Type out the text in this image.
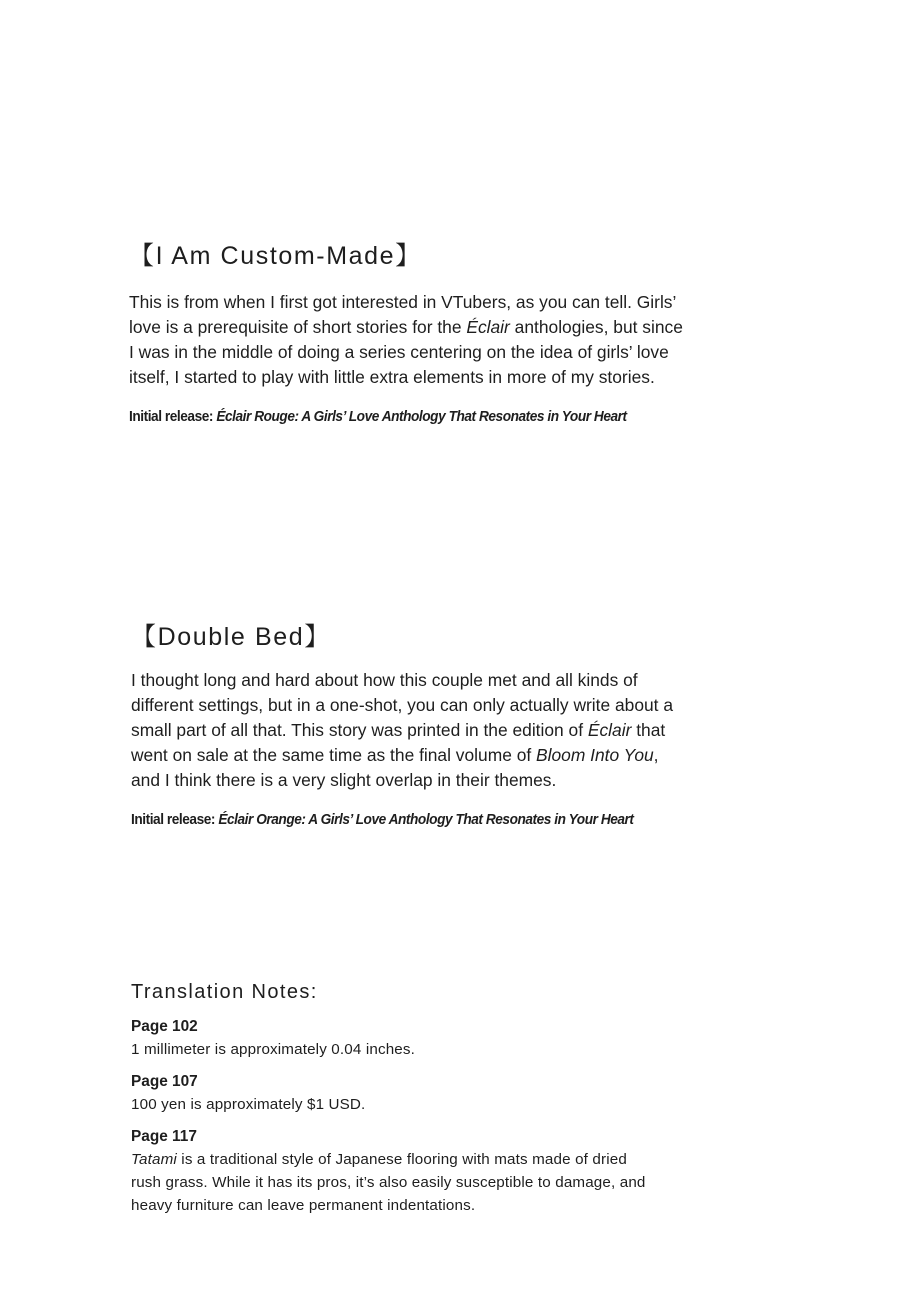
【I Am Custom-Made】

This is from when I first got interested in VTubers, as you can tell. Girls’ love is a prerequisite of short stories for the Éclair anthologies, but since I was in the middle of doing a series centering on the idea of girls’ love itself, I started to play with little extra elements in more of my stories.

Initial release: Éclair Rouge: A Girls’ Love Anthology That Resonates in Your Heart

【Double Bed】

I thought long and hard about how this couple met and all kinds of different settings, but in a one-shot, you can only actually write about a small part of all that. This story was printed in the edition of Éclair that went on sale at the same time as the final volume of Bloom Into You, and I think there is a very slight overlap in their themes.

Initial release: Éclair Orange: A Girls’ Love Anthology That Resonates in Your Heart

Translation Notes:

Page 102

1 millimeter is approximately 0.04 inches.

Page 107

100 yen is approximately $1 USD.

Page 117

Tatami is a traditional style of Japanese flooring with mats made of dried rush grass. While it has its pros, it’s also easily susceptible to damage, and heavy furniture can leave permanent indentations.
